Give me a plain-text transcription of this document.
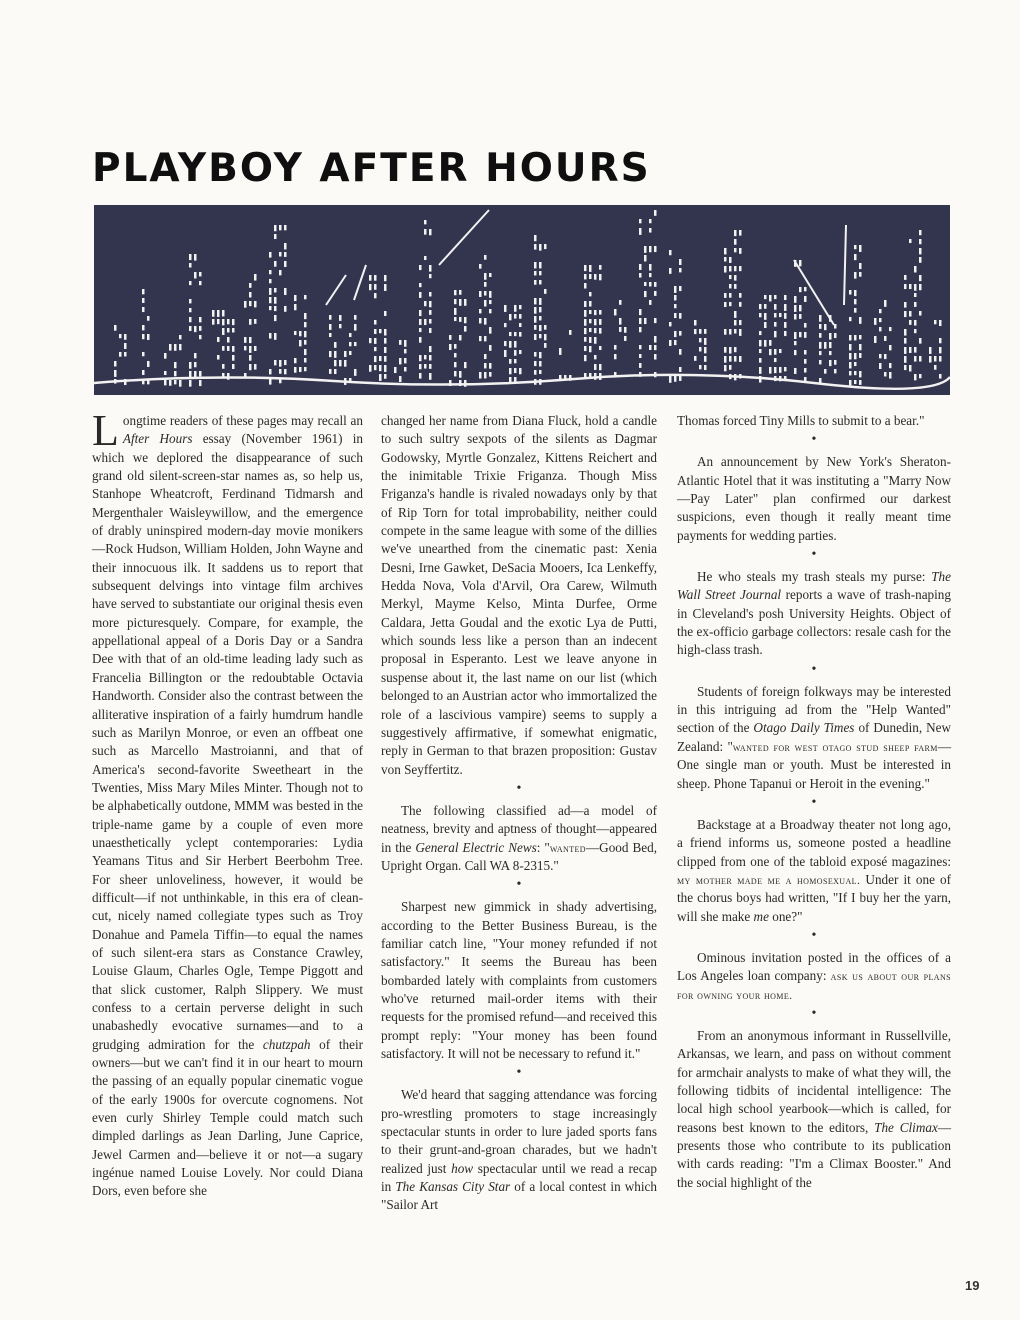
PLAYBOY AFTER HOURS

Longtime readers of these pages may recall an After Hours essay (November 1961) in which we deplored the disappearance of such grand old silent-screen-star names as, so help us, Stanhope Wheatcroft, Ferdinand Tidmarsh and Mergenthaler Waisleywillow, and the emergence of drably uninspired modern-day movie monikers—Rock Hudson, William Holden, John Wayne and their innocuous ilk. It saddens us to report that subsequent delvings into vintage film archives have served to substantiate our original thesis even more picturesquely. Compare, for example, the appellational appeal of a Doris Day or a Sandra Dee with that of an old-time leading lady such as Francelia Billington or the redoubtable Octavia Handworth. Consider also the contrast between the alliterative inspiration of a fairly humdrum handle such as Marilyn Monroe, or even an offbeat one such as Marcello Mastroianni, and that of America's second-favorite Sweetheart in the Twenties, Miss Mary Miles Minter. Though not to be alphabetically outdone, MMM was bested in the triple-name game by a couple of even more unaesthetically yclept contemporaries: Lydia Yeamans Titus and Sir Herbert Beerbohm Tree. For sheer unloveliness, however, it would be difficult—if not unthinkable, in this era of clean-cut, nicely named collegiate types such as Troy Donahue and Pamela Tiffin—to equal the names of such silent-era stars as Constance Crawley, Louise Glaum, Charles Ogle, Tempe Piggott and that slick customer, Ralph Slippery. We must confess to a certain perverse delight in such unabashedly evocative surnames—and to a grudging admiration for the chutzpah of their owners—but we can't find it in our heart to mourn the passing of an equally popular cinematic vogue of the early 1900s for overcute cognomens. Not even curly Shirley Temple could match such dimpled darlings as Jean Darling, June Caprice, Jewel Carmen and—believe it or not—a sugary ingénue named Louise Lovely. Nor could Diana Dors, even before she

changed her name from Diana Fluck, hold a candle to such sultry sexpots of the silents as Dagmar Godowsky, Myrtle Gonzalez, Kittens Reichert and the inimitable Trixie Friganza. Though Miss Friganza's handle is rivaled nowadays only by that of Rip Torn for total improbability, neither could compete in the same league with some of the dillies we've unearthed from the cinematic past: Xenia Desni, Irne Gawket, DeSacia Mooers, Ica Lenkeffy, Hedda Nova, Vola d'Arvil, Ora Carew, Wilmuth Merkyl, Mayme Kelso, Minta Durfee, Orme Caldara, Jetta Goudal and the exotic Lya de Putti, which sounds less like a person than an indecent proposal in Esperanto. Lest we leave anyone in suspense about it, the last name on our list (which belonged to an Austrian actor who immortalized the role of a lascivious vampire) seems to supply a suggestively affirmative, if somewhat enigmatic, reply in German to that brazen proposition: Gustav von Seyffertitz.

•

The following classified ad—a model of neatness, brevity and aptness of thought—appeared in the General Electric News: "wanted—Good Bed, Upright Organ. Call WA 8-2315."

•

Sharpest new gimmick in shady advertising, according to the Better Business Bureau, is the familiar catch line, "Your money refunded if not satisfactory." It seems the Bureau has been bombarded lately with complaints from customers who've returned mail-order items with their requests for the promised refund—and received this prompt reply: "Your money has been found satisfactory. It will not be necessary to refund it."

•

We'd heard that sagging attendance was forcing pro-wrestling promoters to stage increasingly spectacular stunts in order to lure jaded sports fans to their grunt-and-groan charades, but we hadn't realized just how spectacular until we read a recap in The Kansas City Star of a local contest in which "Sailor Art

Thomas forced Tiny Mills to submit to a bear."

•

An announcement by New York's Sheraton-Atlantic Hotel that it was instituting a "Marry Now—Pay Later" plan confirmed our darkest suspicions, even though it really meant time payments for wedding parties.

•

He who steals my trash steals my purse: The Wall Street Journal reports a wave of trash-naping in Cleveland's posh University Heights. Object of the ex-officio garbage collectors: resale cash for the high-class trash.

•

Students of foreign folkways may be interested in this intriguing ad from the "Help Wanted" section of the Otago Daily Times of Dunedin, New Zealand: "wanted for west otago stud sheep farm—One single man or youth. Must be interested in sheep. Phone Tapanui or Heroit in the evening."

•

Backstage at a Broadway theater not long ago, a friend informs us, someone posted a headline clipped from one of the tabloid exposé magazines: my mother made me a homosexual. Under it one of the chorus boys had written, "If I buy her the yarn, will she make me one?"

•

Ominous invitation posted in the offices of a Los Angeles loan company: ask us about our plans for owning your home.

•

From an anonymous informant in Russellville, Arkansas, we learn, and pass on without comment for armchair analysts to make of what they will, the following tidbits of incidental intelligence: The local high school yearbook—which is called, for reasons best known to the editors, The Climax—presents those who contribute to its publication with cards reading: "I'm a Climax Booster." And the social highlight of the

19
